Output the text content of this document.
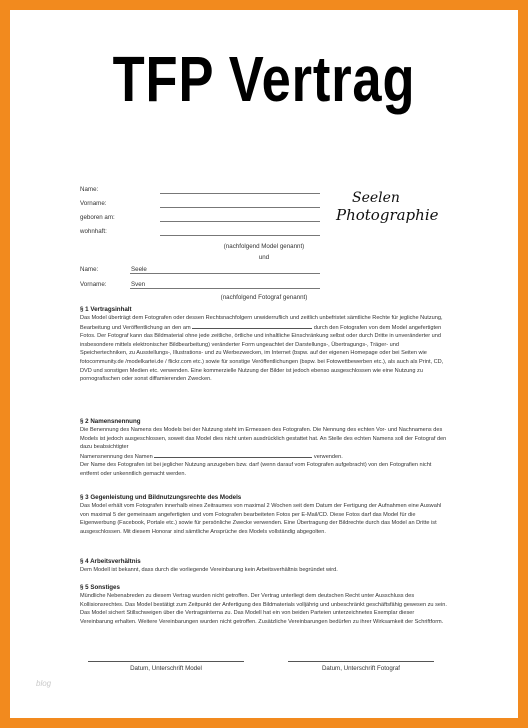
TFP Vertrag
Name:
Vorname:
geboren am:
wohnhaft:
(nachfolgend Model genannt)
und
Name:	Seele
Vorname:	Sven
(nachfolgend Fotograf genannt)
Seelen
Photographie
§ 1 Vertragsinhalt
Das Model überträgt dem Fotografen oder dessen Rechtsnachfolgern unwiderruflich und zeitlich unbefristet sämtliche Rechte für jegliche Nutzung, Bearbeitung und Veröffentlichung an den am	durch den Fotografen von dem Model angefertigten Fotos. Der Fotograf kann das Bildmaterial ohne jede zeitliche, örtliche und inhaltliche Einschränkung selbst oder durch Dritte in unveränderter und insbesondere mittels elektronischer Bildbearbeitung) veränderter Form ungeachtet der Darstellungs-, Übertragungs-, Träger- und Speichertechniken, zu Ausstellungs-, Illustrations- und zu Werbezwecken, im Internet (bspw. auf der eigenen Homepage oder bei Seiten wie fotocommunity.de /modelkartei.de / flickr.com etc.) sowie für sonstige Veröffentlichungen (bspw. bei Fotowettbewerben etc.), als auch als Print, CD, DVD und sonstigen Medien etc. verwenden. Eine kommerzielle Nutzung der Bilder ist jedoch ebenso ausgeschlossen wie eine Nutzung zu pornografischen oder sonst diffamierenden Zwecken.
§ 2 Namensnennung
Die Benennung des Namens des Models bei der Nutzung steht im Ermessen des Fotografen. Die Nennung des echten Vor- und Nachnamens des Models ist jedoch ausgeschlossen, soweit das Model dies nicht unten ausdrücklich gestattet hat. An Stelle des echten Namens soll der Fotograf den dazu beabsichtigter
Namensnennung des Namen	verwenden.
Der Name des Fotografen ist bei jeglicher Nutzung anzugeben bzw. darf (wenn darauf vom Fotografen aufgebracht) von den Fotografien nicht entfernt oder unkenntlich gemacht werden.
§ 3 Gegenleistung und Bildnutzungsrechte des Models
Das Model erhält vom Fotografen innerhalb eines Zeitraumes von maximal 2 Wochen seit dem Datum der Fertigung der Aufnahmen eine Auswahl von maximal 5 der gemeinsam angefertigten und vom Fotografen bearbeiteten Fotos per E-Mail/CD. Diese Fotos darf das Model für die Eigenwerbung (Facebook, Portale etc.) sowie für persönliche Zwecke verwenden. Eine Übertragung der Bildrechte durch das Model an Dritte ist ausgeschlossen. Mit diesem Honorar sind sämtliche Ansprüche des Models vollständig abgegolten.
§ 4 Arbeitsverhältnis
Dem Modell ist bekannt, dass durch die vorliegende Vereinbarung kein Arbeitsverhältnis begründet wird.
§ 5 Sonstiges
Mündliche Nebenabreden zu diesem Vertrag wurden nicht getroffen. Der Vertrag unterliegt dem deutschen Recht unter Ausschluss des Kollisionsrechtes. Das Model bestätigt zum Zeitpunkt der Anfertigung des Bildmaterials volljährig und unbeschränkt geschäftsfähig gewesen zu sein. Das Model sichert Stillschweigen über die Vertragsinterna zu. Das Modell hat ein von beiden Parteien unterzeichnetes Exemplar dieser Vereinbarung erhalten. Weitere Vereinbarungen wurden nicht getroffen. Zusätzliche Vereinbarungen bedürfen zu ihrer Wirksamkeit der Schriftform.
Datum, Unterschrift Model	Datum, Unterschrift Fotograf
blog
